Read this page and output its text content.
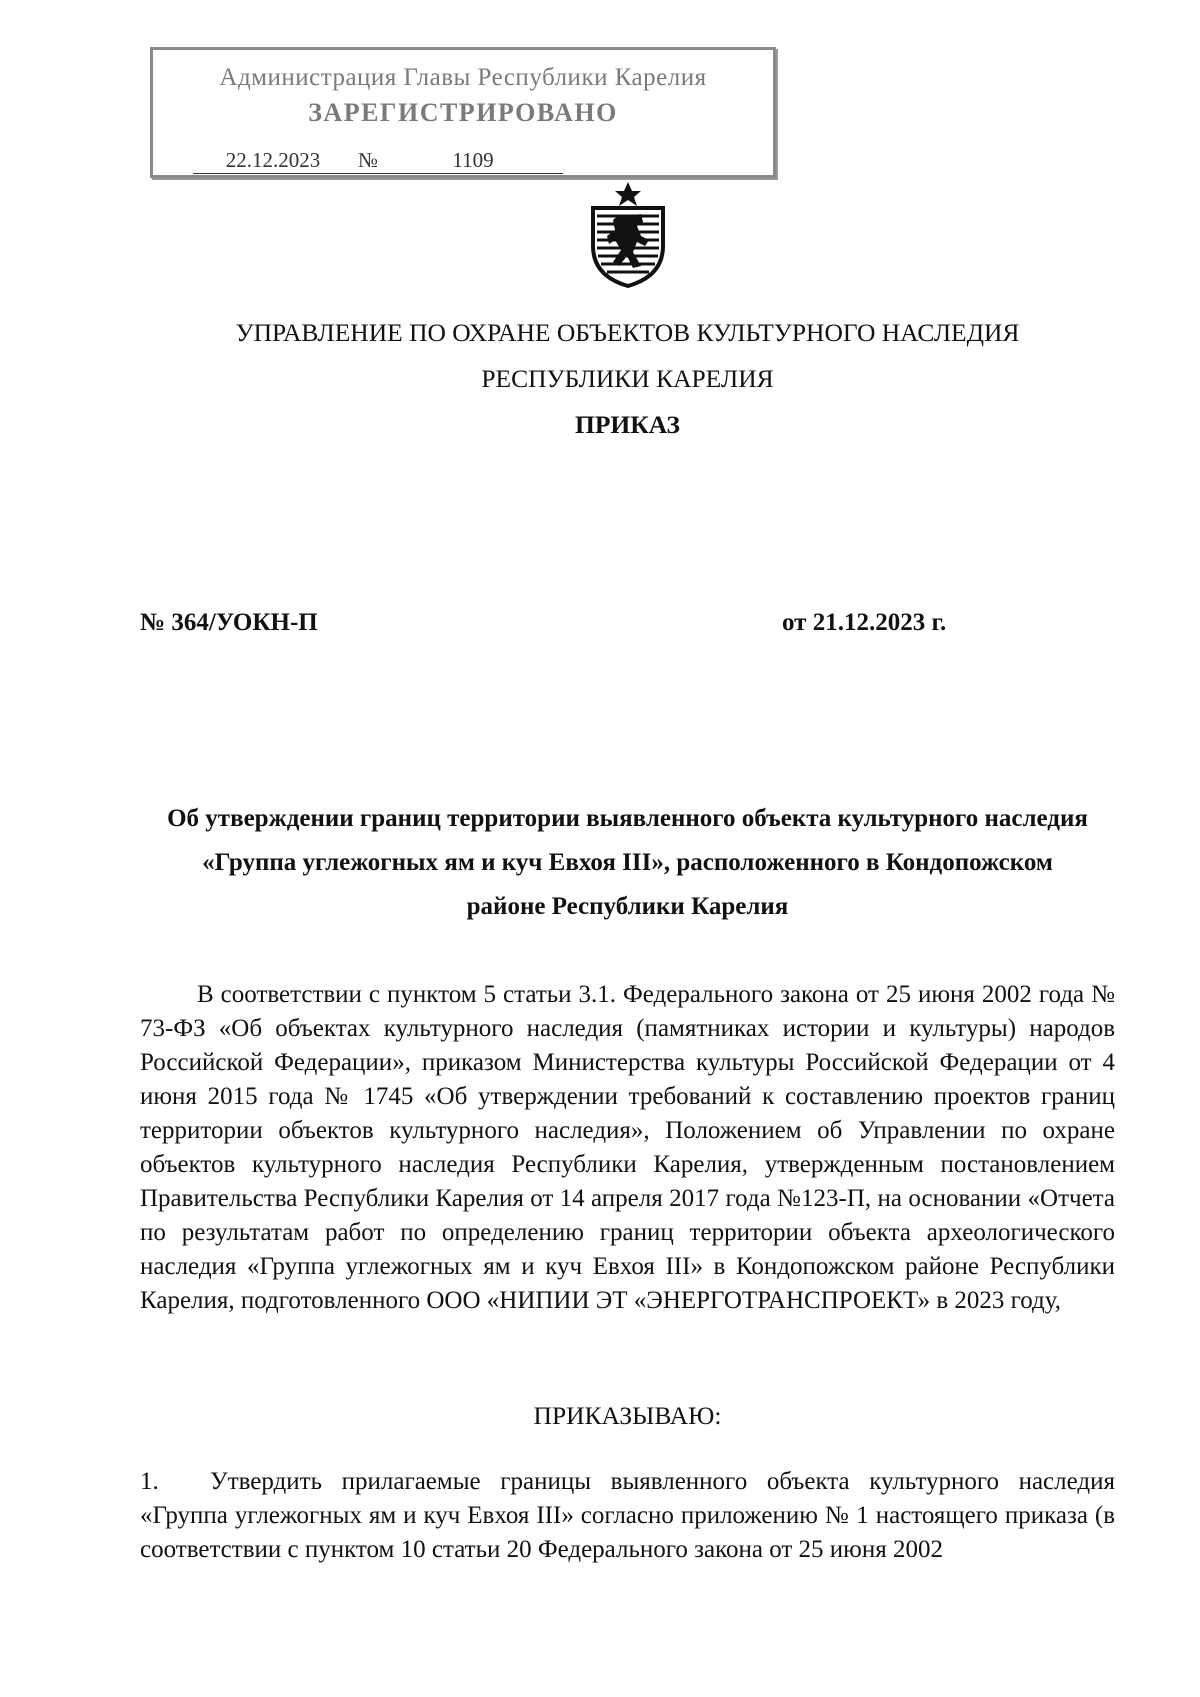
Администрация Главы Республики Карелия
ЗАРЕГИСТРИРОВАНО
22.12.2023 №	1109
УПРАВЛЕНИЕ ПО ОХРАНЕ ОБЪЕКТОВ КУЛЬТУРНОГО НАСЛЕДИЯ
РЕСПУБЛИКИ КАРЕЛИЯ
ПРИКАЗ
№ 364/УОКН-П	от 21.12.2023 г.
Об утверждении границ территории выявленного объекта культурного наследия
«Группа углежогных ям и куч Евхоя III», расположенного в Кондопожском
районе Республики Карелия

В соответствии с пунктом 5 статьи 3.1. Федерального закона от 25 июня 2002 года № 73-ФЗ «Об объектах культурного наследия (памятниках истории и культуры) народов Российской Федерации», приказом Министерства культуры Российской Федерации от 4 июня 2015 года № 1745 «Об утверждении требований к составлению проектов границ территории объектов культурного наследия», Положением об Управлении по охране объектов культурного наследия Республики Карелия, утвержденным постановлением Правительства Республики Карелия от 14 апреля 2017 года №123-П, на основании «Отчета по результатам работ по определению границ территории объекта археологического наследия «Группа углежогных ям и куч Евхоя III» в Кондопожском районе Республики Карелия, подготовленного ООО «НИПИИ ЭТ «ЭНЕРГОТРАНСПРОЕКТ» в 2023 году,

ПРИКАЗЫВАЮ:

1. Утвердить прилагаемые границы выявленного объекта культурного наследия «Группа углежогных ям и куч Евхоя III» согласно приложению № 1 настоящего приказа (в соответствии с пунктом 10 статьи 20 Федерального закона от 25 июня 2002
